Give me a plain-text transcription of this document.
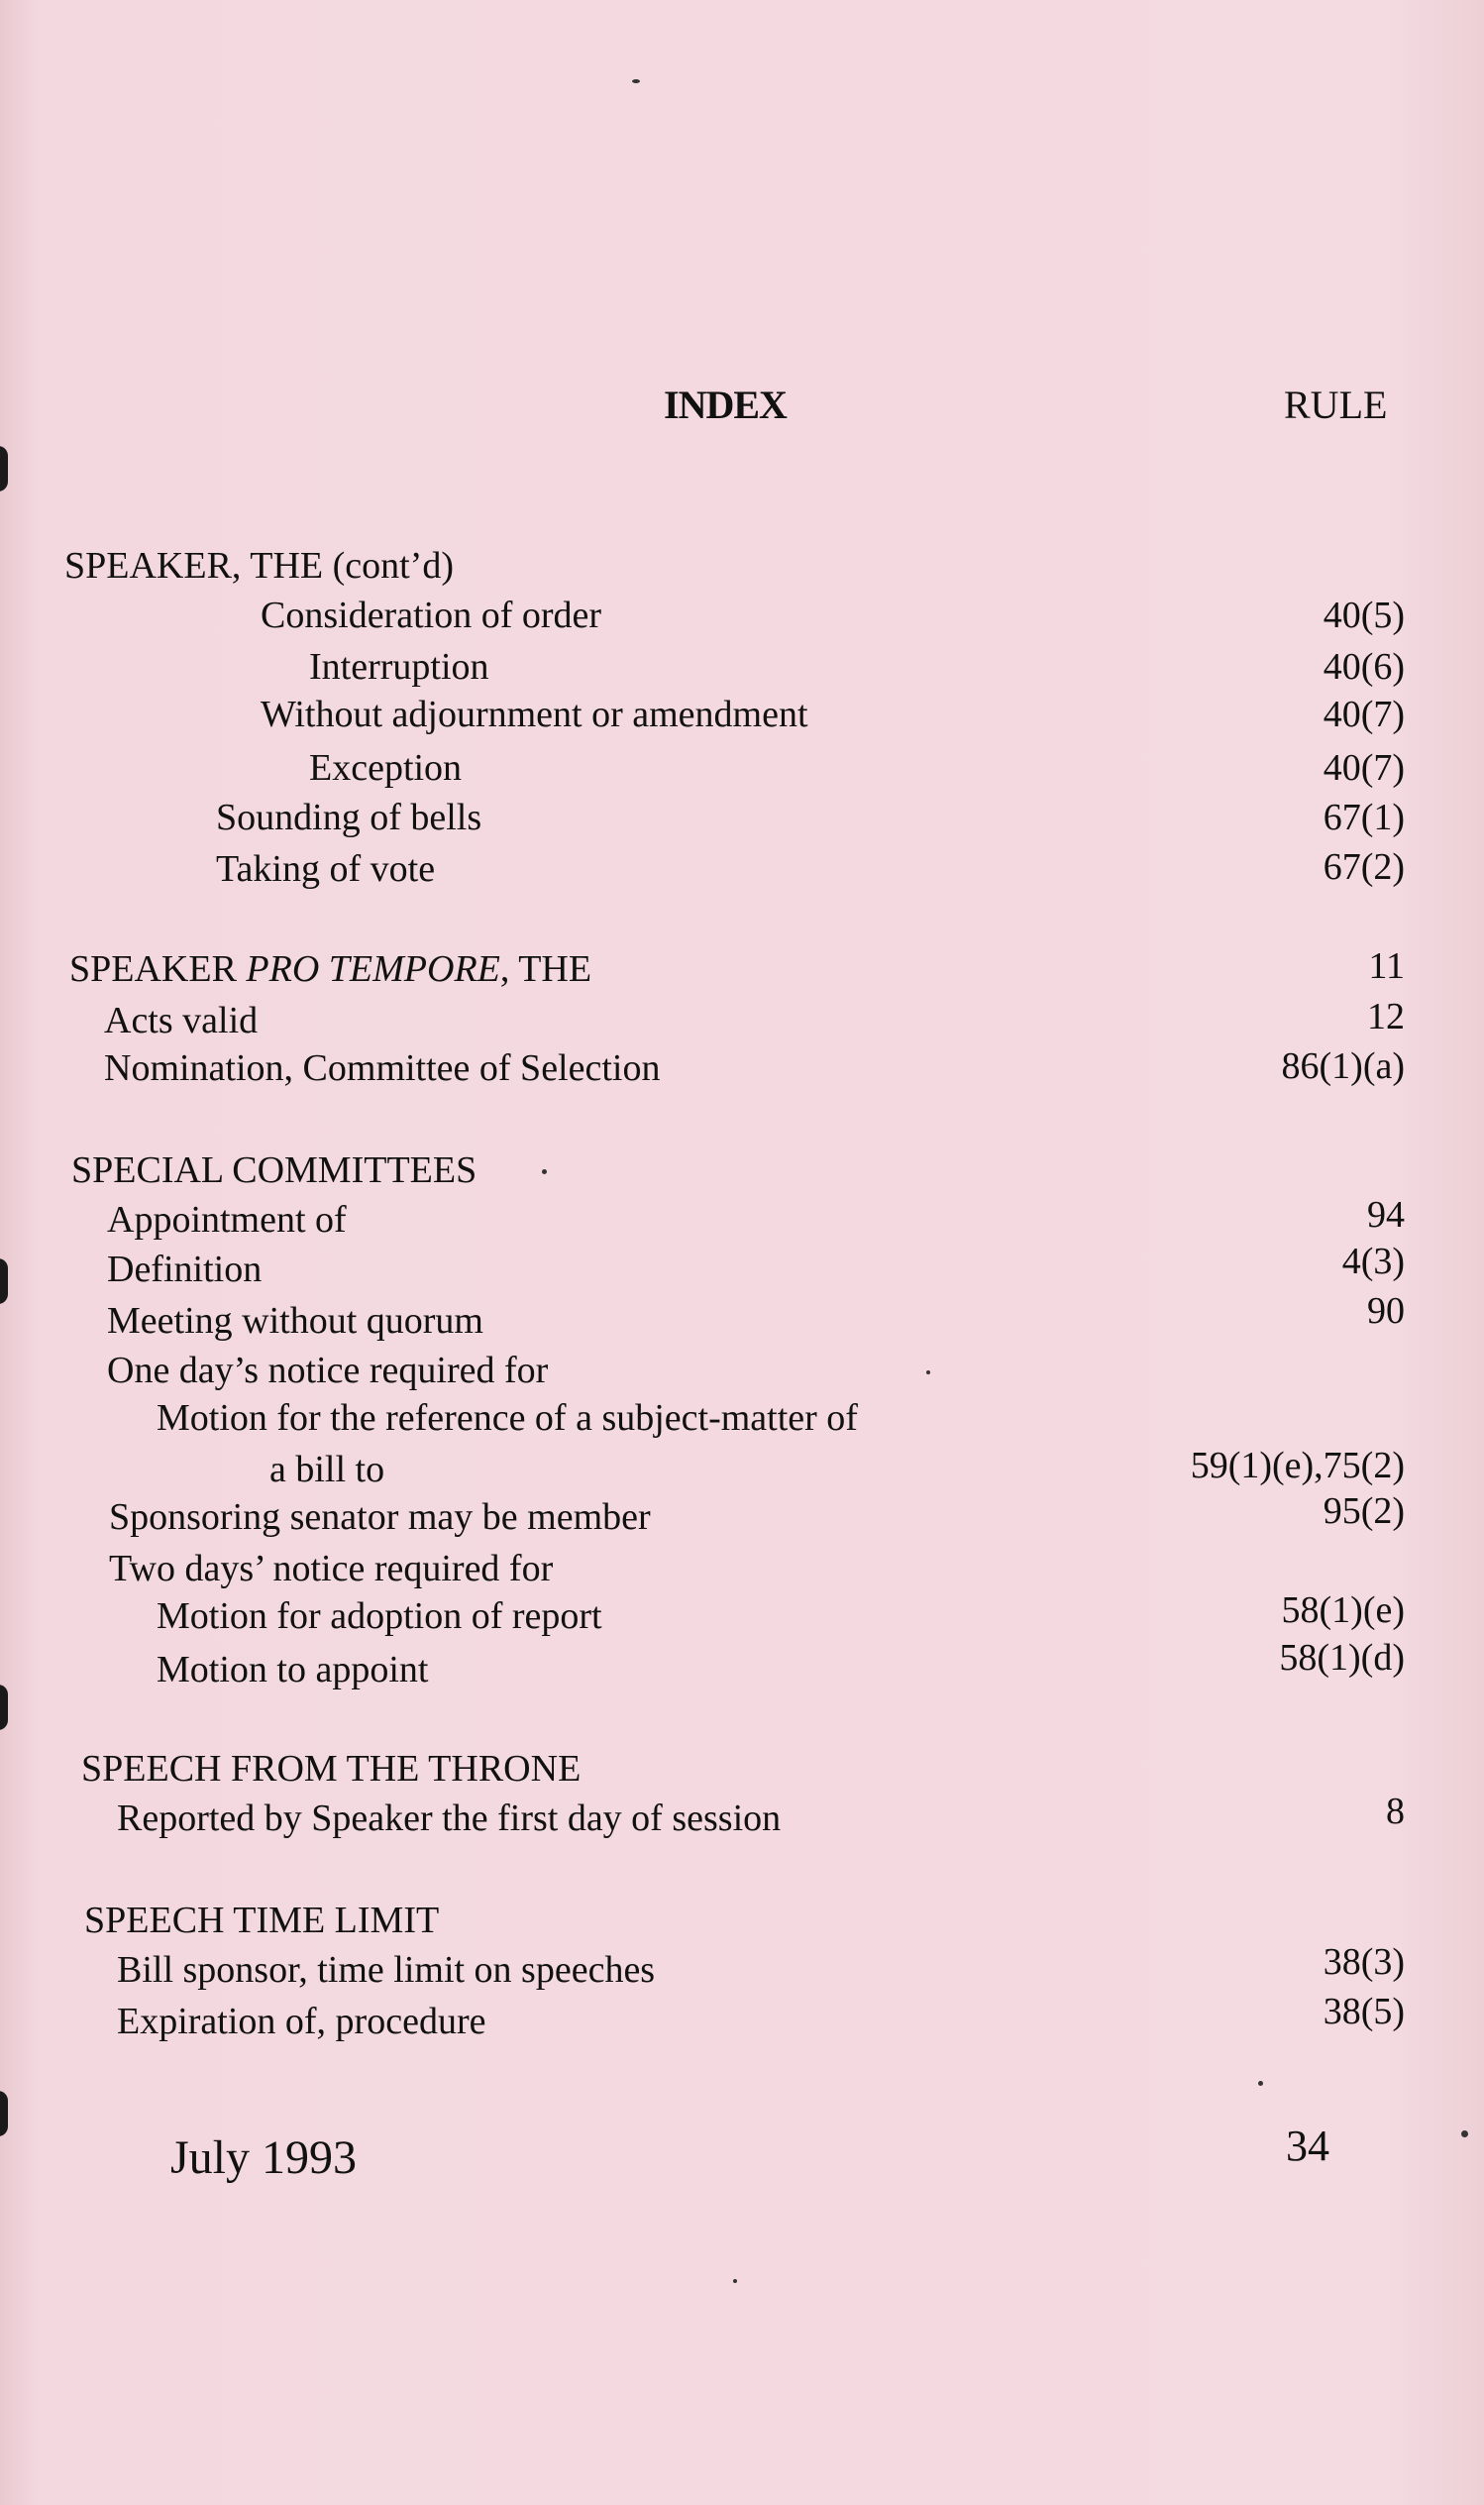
INDEX	RULE
SPEAKER, THE (cont’d)
Consideration of order	40(5)
Interruption	40(6)
Without adjournment or amendment	40(7)
Exception	40(7)
Sounding of bells	67(1)
Taking of vote	67(2)
SPEAKER PRO TEMPORE, THE	11
Acts valid	12
Nomination, Committee of Selection	86(1)(a)
SPECIAL COMMITTEES
Appointment of	94
Definition	4(3)
Meeting without quorum	90
One day’s notice required for
Motion for the reference of a subject-matter of
a bill to	59(1)(e),75(2)
Sponsoring senator may be member	95(2)
Two days’ notice required for
Motion for adoption of report	58(1)(e)
Motion to appoint	58(1)(d)
SPEECH FROM THE THRONE
Reported by Speaker the first day of session	8
SPEECH TIME LIMIT
Bill sponsor, time limit on speeches	38(3)
Expiration of, procedure	38(5)
July 1993	34
